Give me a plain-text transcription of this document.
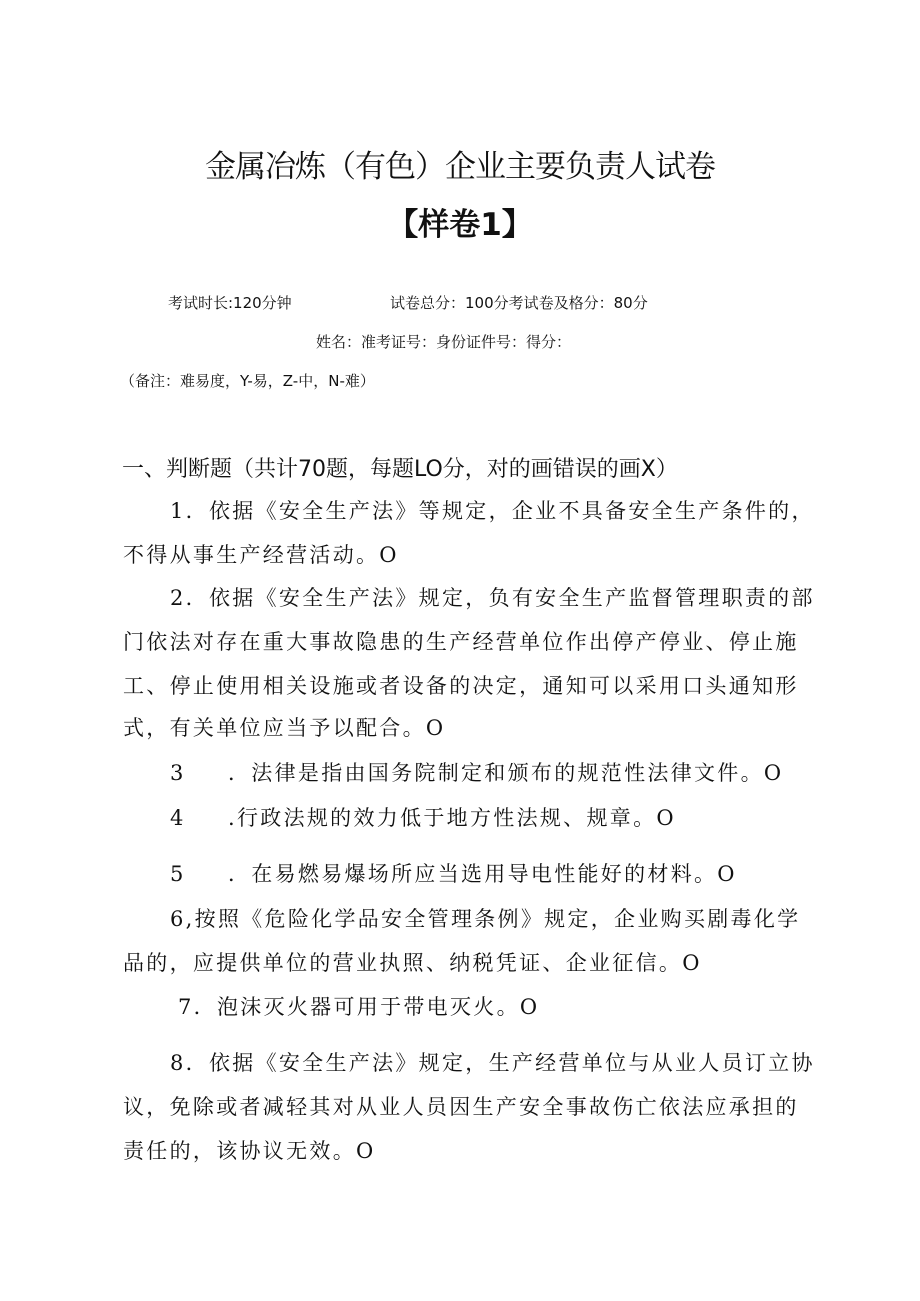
金属冶炼（有色）企业主要负责人试卷
【样卷1】
考试时长:120分钟	试卷总分：100分考试卷及格分：80分
姓名：准考证号：身份证件号：得分：
（备注：难易度，Y-易，Z-中，N-难）
一、判断题（共计70题，每题LO分，对的画错误的画X）
1．依据《安全生产法》等规定，企业不具备安全生产条件的，
不得从事生产经营活动。O
2．依据《安全生产法》规定，负有安全生产监督管理职责的部
门依法对存在重大事故隐患的生产经营单位作出停产停业、停止施
工、停止使用相关设施或者设备的决定，通知可以采用口头通知形
式，有关单位应当予以配合。O
3 ．法律是指由国务院制定和颁布的规范性法律文件。O
4 .行政法规的效力低于地方性法规、规章。O
5 ．在易燃易爆场所应当选用导电性能好的材料。O
6,按照《危险化学品安全管理条例》规定，企业购买剧毒化学
品的，应提供单位的营业执照、纳税凭证、企业征信。O
7．泡沫灭火器可用于带电灭火。O
8．依据《安全生产法》规定，生产经营单位与从业人员订立协
议，免除或者减轻其对从业人员因生产安全事故伤亡依法应承担的
责任的，该协议无效。O
